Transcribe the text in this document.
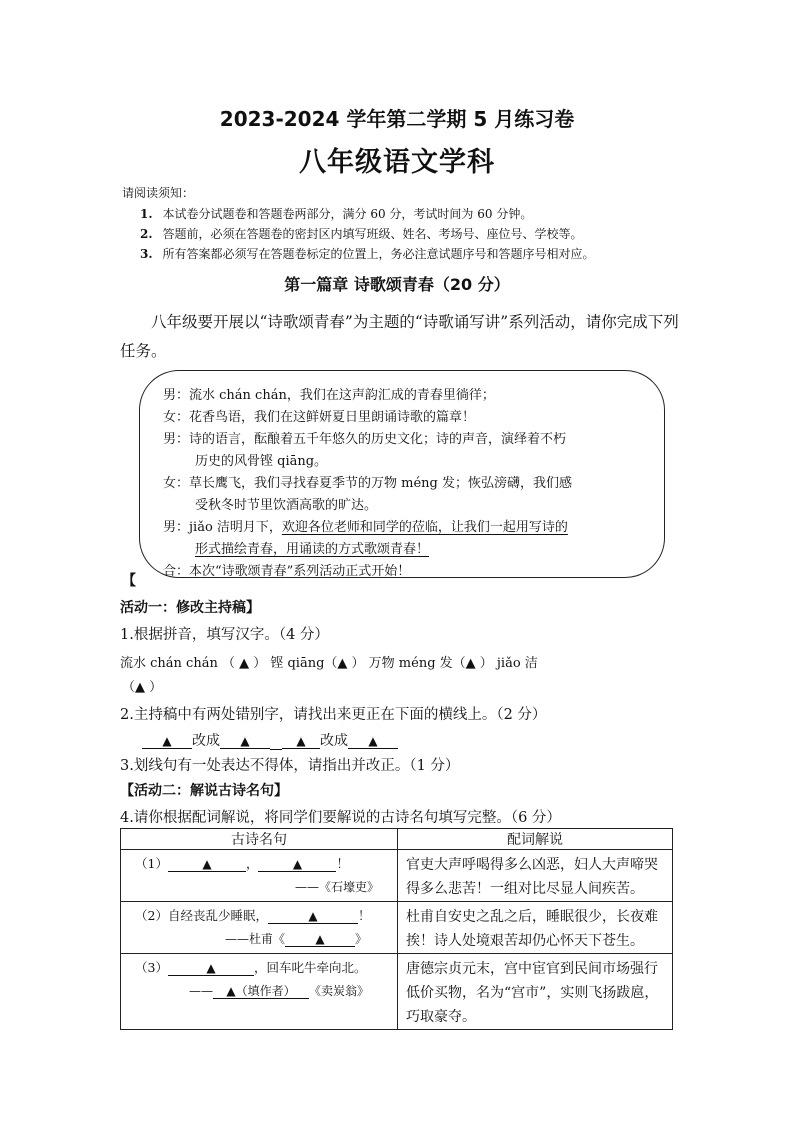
2023-2024 学年第二学期 5 月练习卷
八年级语文学科
请阅读须知：
1. 本试卷分试题卷和答题卷两部分，满分 60 分，考试时间为 60 分钟。
2. 答题前，必须在答题卷的密封区内填写班级、姓名、考场号、座位号、学校等。
3. 所有答案都必须写在答题卷标定的位置上，务必注意试题序号和答题序号相对应。
第一篇章 诗歌颂青春（20 分）
八年级要开展以“诗歌颂青春”为主题的“诗歌诵写讲”系列活动，请你完成下列任务。
男：流水 chán chán，我们在这声韵汇成的青春里徜徉；
女：花香鸟语，我们在这鲜妍夏日里朗诵诗歌的篇章！
男：诗的语言，酝酿着五千年悠久的历史文化；诗的声音，演绎着不朽
历史的风骨铿 qiāng。
女：草长鹰飞，我们寻找春夏季节的万物 méng 发；恢弘滂礴，我们感
受秋冬时节里饮酒高歌的旷达。
男：jiǎo 洁明月下，欢迎各位老师和同学的莅临，让我们一起用写诗的
形式描绘青春，用诵读的方式歌颂青春！
合：本次“诗歌颂青春”系列活动正式开始！
【
活动一：修改主持稿】
1.根据拼音，填写汉字。（4 分）
流水 chán chán （ ▲ ） 铿 qiāng（▲ ） 万物 méng 发（▲ ） jiǎo 洁
（▲ ）
2.主持稿中有两处错别字，请找出来更正在下面的横线上。（2 分）
▲ 改成 ▲	▲ 改成 ▲
3.划线句有一处表达不得体，请指出并改正。（1 分）
【活动二：解说古诗名句】
4.请你根据配词解说，将同学们要解说的古诗名句填写完整。（6 分）
古诗名句	配词解说

（1） ▲ ， ▲ ！
——《石壕吏》	官吏大声呼喝得多么凶恶，妇人大声啼哭得多么悲苦！一组对比尽显人间疾苦。

（2）自经丧乱少睡眠， ▲ ！
——杜甫《 ▲ 》	杜甫自安史之乱之后，睡眠很少，长夜难挨！诗人处境艰苦却仍心怀天下苍生。

（3） ▲ ，回车叱牛牵向北。
—— ▲（填作者） 《卖炭翁》	唐德宗贞元末，宫中宦官到民间市场强行低价买物，名为“宫市”，实则飞扬跋扈，巧取豪夺。
